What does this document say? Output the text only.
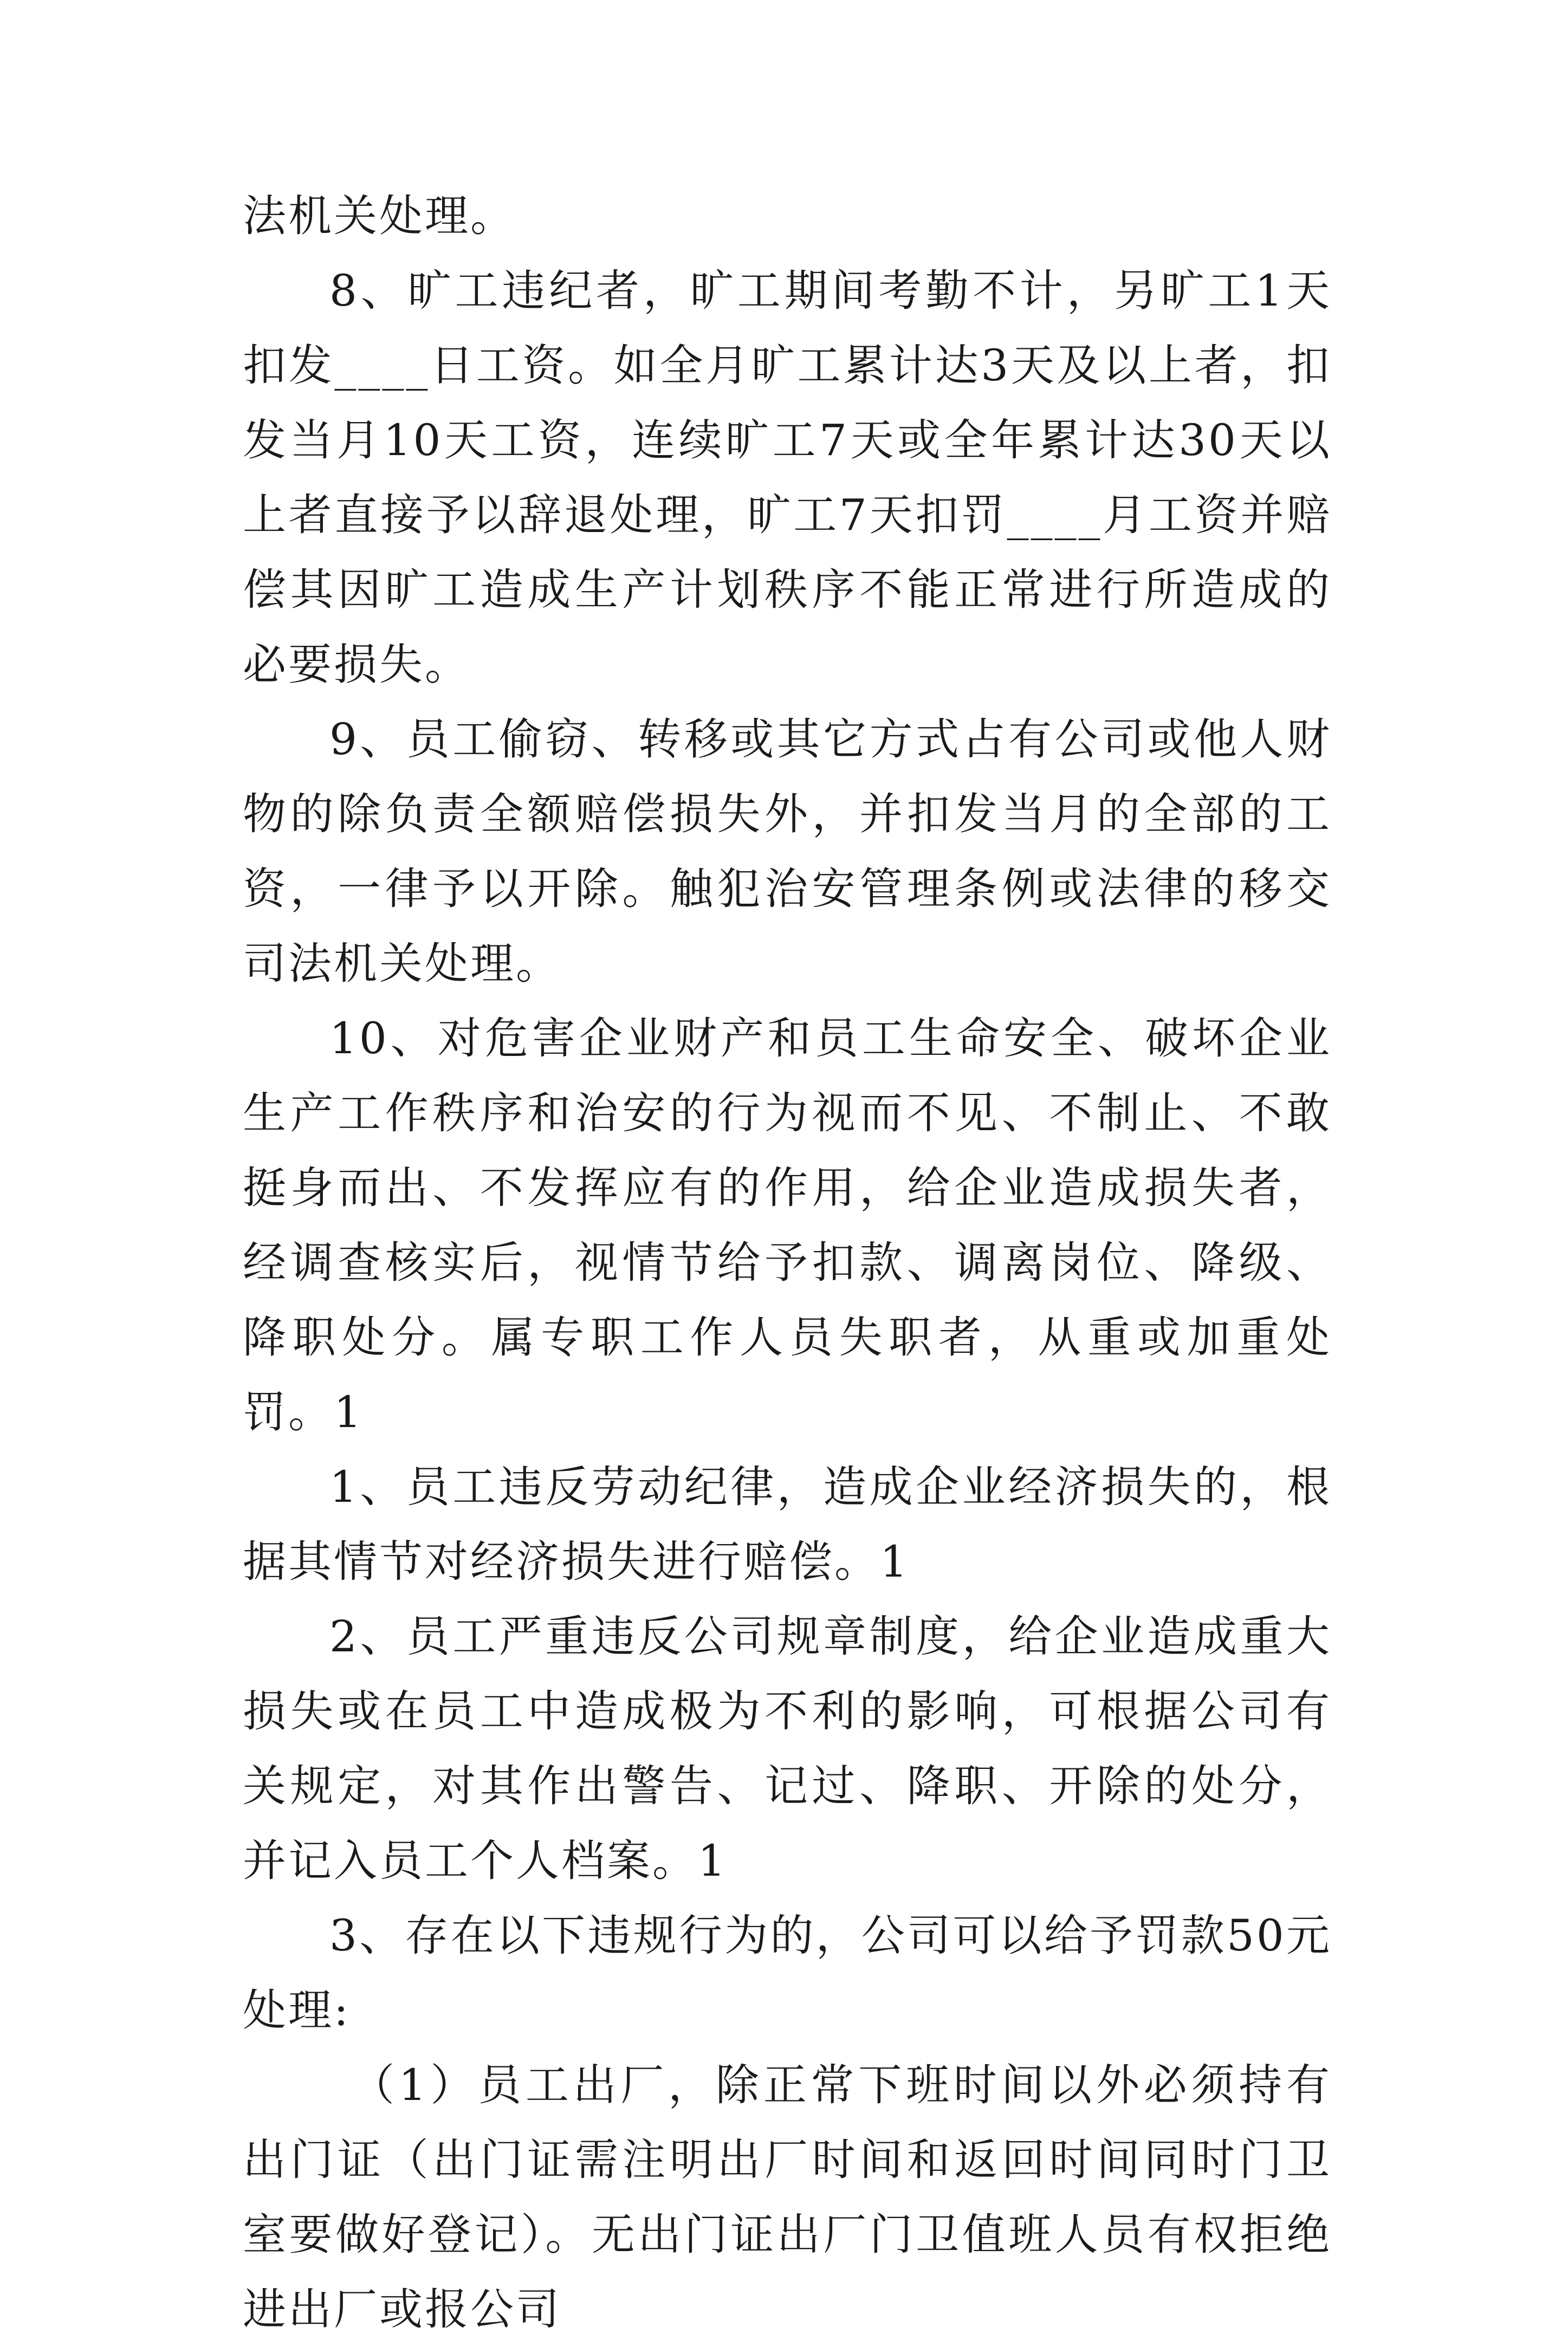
法机关处理。

8、旷工违纪者，旷工期间考勤不计，另旷工1天扣发____日工资。如全月旷工累计达3天及以上者，扣发当月10天工资，连续旷工7天或全年累计达30天以上者直接予以辞退处理，旷工7天扣罚____月工资并赔偿其因旷工造成生产计划秩序不能正常进行所造成的必要损失。

9、员工偷窃、转移或其它方式占有公司或他人财物的除负责全额赔偿损失外，并扣发当月的全部的工资，一律予以开除。触犯治安管理条例或法律的移交司法机关处理。

10、对危害企业财产和员工生命安全、破坏企业生产工作秩序和治安的行为视而不见、不制止、不敢挺身而出、不发挥应有的作用，给企业造成损失者，经调查核实后，视情节给予扣款、调离岗位、降级、降职处分。属专职工作人员失职者，从重或加重处罚。1

1、员工违反劳动纪律，造成企业经济损失的，根据其情节对经济损失进行赔偿。1

2、员工严重违反公司规章制度，给企业造成重大损失或在员工中造成极为不利的影响，可根据公司有关规定，对其作出警告、记过、降职、开除的处分，并记入员工个人档案。1

3、存在以下违规行为的，公司可以给予罚款50元处理:

（1）员工出厂，除正常下班时间以外必须持有出门证（出门证需注明出厂时间和返回时间同时门卫室要做好登记）。无出门证出厂门卫值班人员有权拒绝进出厂或报公司
